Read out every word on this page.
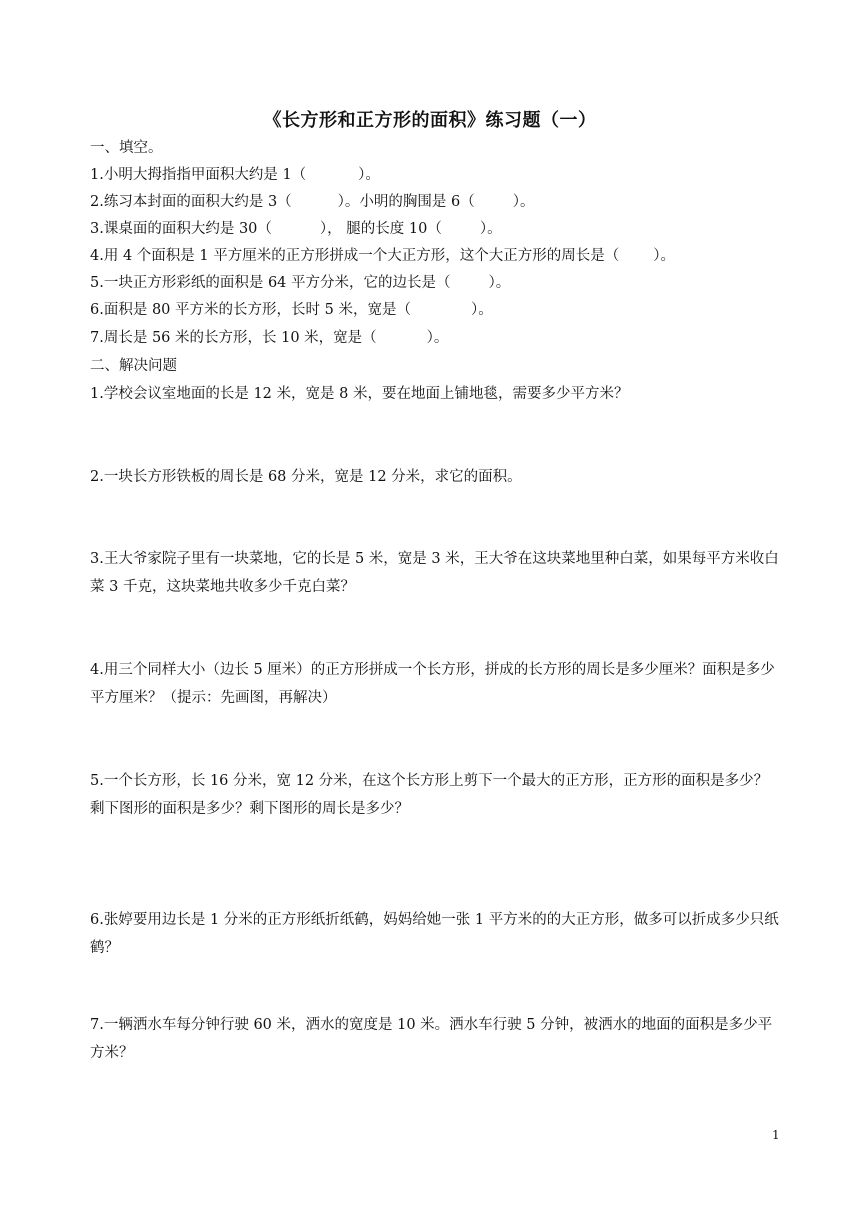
《长方形和正方形的面积》练习题（一）
一、填空。
1.小明大拇指指甲面积大约是 1（	）。
2.练习本封面的面积大约是 3（	）。小明的胸围是 6（	）。
3.课桌面的面积大约是 30（	）， 腿的长度 10（	）。
4.用 4 个面积是 1 平方厘米的正方形拼成一个大正方形，这个大正方形的周长是（ ）。
5.一块正方形彩纸的面积是 64 平方分米，它的边长是（	）。
6.面积是 80 平方米的长方形，长时 5 米，宽是（	）。
7.周长是 56 米的长方形，长 10 米，宽是（	）。
二、解决问题
1.学校会议室地面的长是 12 米，宽是 8 米，要在地面上铺地毯，需要多少平方米？
2.一块长方形铁板的周长是 68 分米，宽是 12 分米，求它的面积。
3.王大爷家院子里有一块菜地，它的长是 5 米，宽是 3 米，王大爷在这块菜地里种白菜，如果每平方米收白菜 3 千克，这块菜地共收多少千克白菜？
4.用三个同样大小（边长 5 厘米）的正方形拼成一个长方形，拼成的长方形的周长是多少厘米？面积是多少平方厘米？（提示：先画图，再解决）
5.一个长方形，长 16 分米，宽 12 分米，在这个长方形上剪下一个最大的正方形，正方形的面积是多少？剩下图形的面积是多少？剩下图形的周长是多少？
6.张婷要用边长是 1 分米的正方形纸折纸鹤，妈妈给她一张 1 平方米的的大正方形，做多可以折成多少只纸鹤？
7.一辆洒水车每分钟行驶 60 米，洒水的宽度是 10 米。洒水车行驶 5 分钟，被洒水的地面的面积是多少平方米？
1
